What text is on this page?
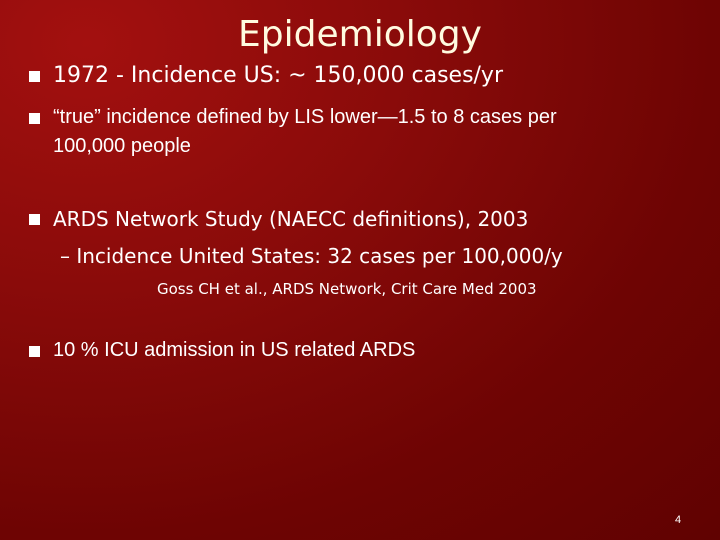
Epidemiology
1972 - Incidence US: ~ 150,000 cases/yr
“true” incidence defined by LIS lower—1.5 to 8 cases per
100,000 people
ARDS Network Study (NAECC definitions), 2003
– Incidence United States: 32 cases per 100,000/y
Goss CH et al., ARDS Network, Crit Care Med 2003
10 % ICU admission in US related ARDS
4
